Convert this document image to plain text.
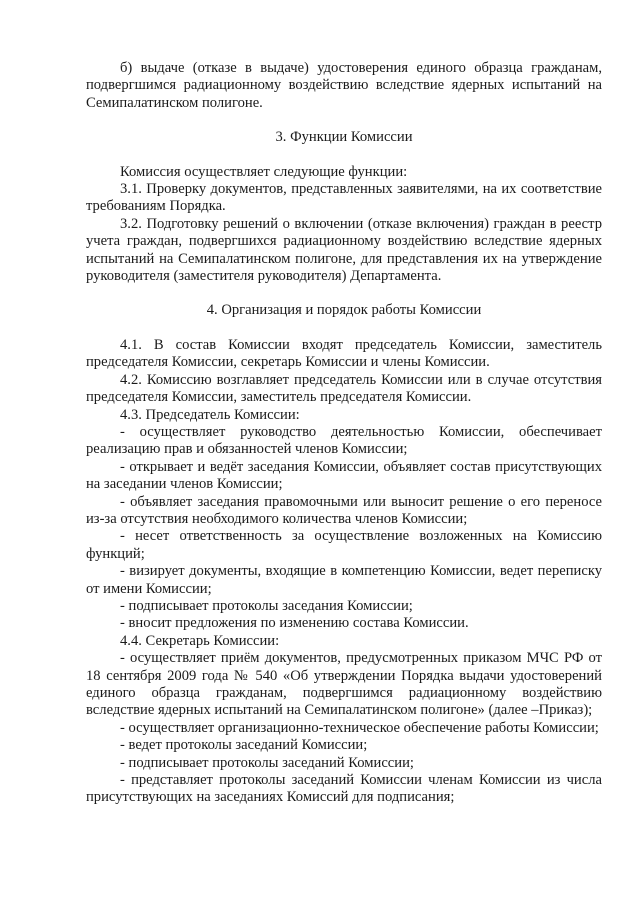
б) выдаче (отказе в выдаче) удостоверения единого образца гражданам, подвергшимся радиационному воздействию вследствие ядерных испытаний на Семипалатинском полигоне.

3. Функции Комиссии

Комиссия осуществляет следующие функции:

3.1. Проверку документов, представленных заявителями, на их соответствие требованиям Порядка.

3.2. Подготовку решений о включении (отказе включения) граждан в реестр учета граждан, подвергшихся радиационному воздействию вследствие ядерных испытаний на Семипалатинском полигоне, для представления их на утверждение руководителя (заместителя руководителя) Департамента.

4. Организация и порядок работы Комиссии

4.1. В состав Комиссии входят председатель Комиссии, заместитель председателя Комиссии, секретарь Комиссии и члены Комиссии.

4.2. Комиссию возглавляет председатель Комиссии или в случае отсутствия председателя Комиссии, заместитель председателя Комиссии.

4.3. Председатель Комиссии:

- осуществляет руководство деятельностью Комиссии, обеспечивает реализацию прав и обязанностей членов Комиссии;

- открывает и ведёт заседания Комиссии, объявляет состав присутствующих на заседании членов Комиссии;

- объявляет заседания правомочными или выносит решение о его переносе из-за отсутствия необходимого количества членов Комиссии;

- несет ответственность за осуществление возложенных на Комиссию функций;

- визирует документы, входящие в компетенцию Комиссии, ведет переписку от имени Комиссии;

- подписывает протоколы заседания Комиссии;

- вносит предложения по изменению состава Комиссии.

4.4. Секретарь Комиссии:

- осуществляет приём документов, предусмотренных приказом МЧС РФ от 18 сентября 2009 года № 540 «Об утверждении Порядка выдачи удостоверений единого образца гражданам, подвергшимся радиационному воздействию вследствие ядерных испытаний на Семипалатинском полигоне» (далее –Приказ);

- осуществляет организационно-техническое обеспечение работы Комиссии;

- ведет протоколы заседаний Комиссии;

- подписывает протоколы заседаний Комиссии;

- представляет протоколы заседаний Комиссии членам Комиссии из числа присутствующих на заседаниях Комиссий для подписания;
